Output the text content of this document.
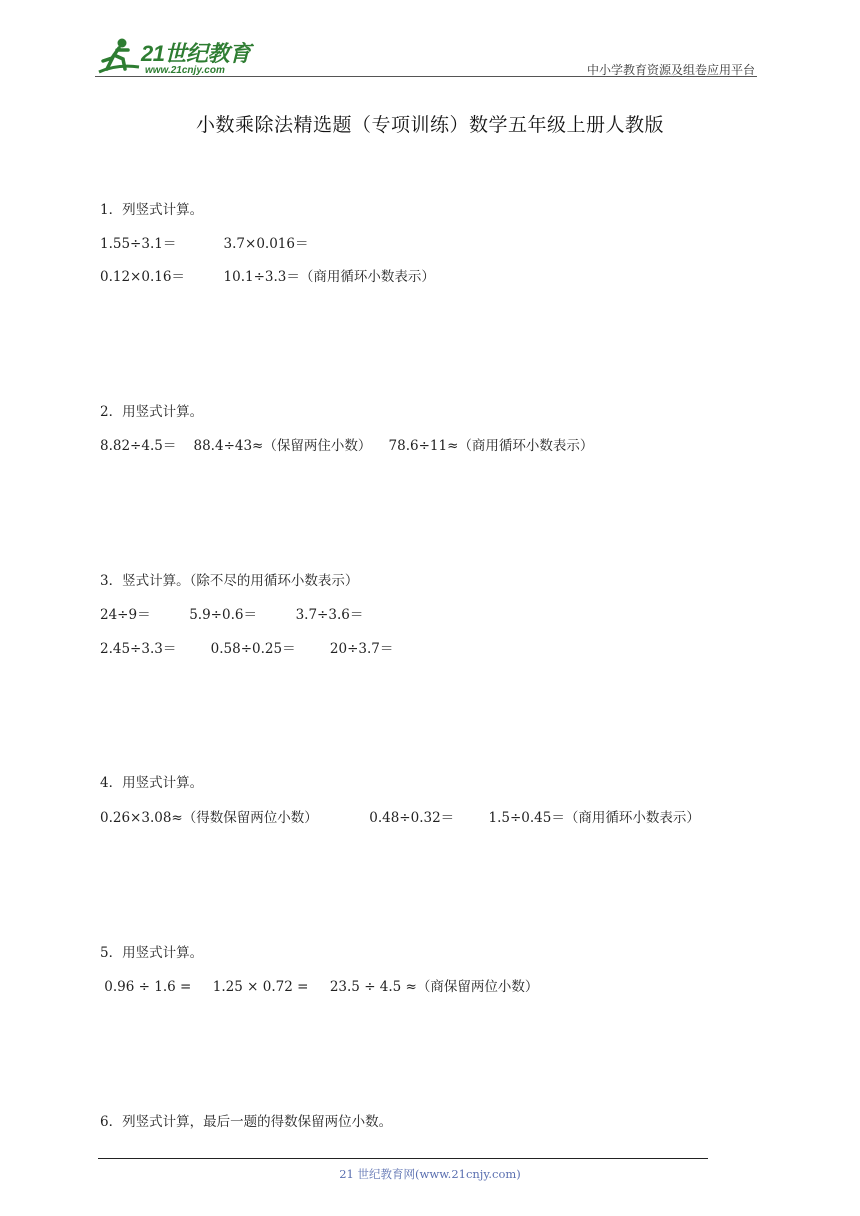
21世纪教育
www.21cnjy.com	中小学教育资源及组卷应用平台
小数乘除法精选题（专项训练）数学五年级上册人教版
1．列竖式计算。
1.55÷3.1＝           3.7×0.016＝
0.12×0.16＝         10.1÷3.3＝（商用循环小数表示）
2．用竖式计算。
8.82÷4.5＝    88.4÷43≈（保留两住小数）    78.6÷11≈（商用循环小数表示）
3．竖式计算。（除不尽的用循环小数表示）
24÷9＝         5.9÷0.6＝         3.7÷3.6＝
2.45÷3.3＝        0.58÷0.25＝        20÷3.7＝
4．用竖式计算。
0.26×3.08≈（得数保留两位小数）            0.48÷0.32＝        1.5÷0.45＝（商用循环小数表示）
5．用竖式计算。
0.96 ÷ 1.6 =     1.25 × 0.72 =     23.5 ÷ 4.5 ≈（商保留两位小数）
6．列竖式计算，最后一题的得数保留两位小数。
21 世纪教育网(www.21cnjy.com)
